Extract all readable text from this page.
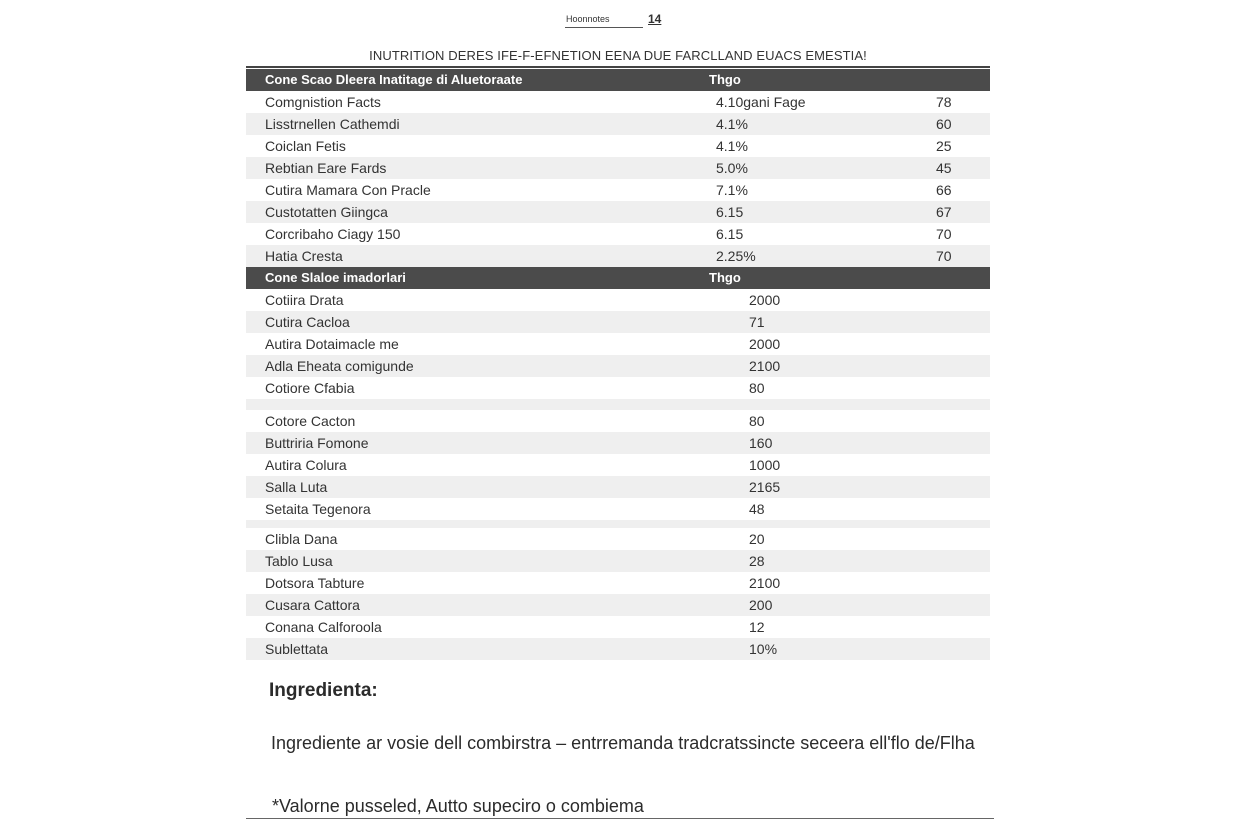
Hoonnotes	14
INUTRITION DERES IFE-F-EFNETION EENA DUE FARCLLAND EUACS EMESTIA!
Cone Scao Dleera Inatitage di Aluetoraate	Thgo
Comgnistion Facts	4.10gani Fage	78
Lisstrnellen Cathemdi	4.1%	60
Coiclan Fetis	4.1%	25
Rebtian Eare Fards	5.0%	45
Cutira Mamara Con Pracle	7.1%	66
Custotatten Giingca	6.15	67
Corcribaho Ciagy 150	6.15	70
Hatia Cresta	2.25%	70
Cone Slaloe imadorlari	Thgo
Cotiira Drata	2000
Cutira Cacloa	71
Autira Dotaimacle me	2000
Adla Eheata comigunde	2100
Cotiore Cfabia	80
Cotore Cacton	80
Buttriria Fomone	160
Autira Colura	1000
Salla Luta	2165
Setaita Tegenora	48
Clibla Dana	20
Tablo Lusa	28
Dotsora Tabture	2100
Cusara Cattora	200
Conana Calforoola	12
Sublettata	10%
Ingredienta:
Ingrediente ar vosie dell combirstra – entrremanda tradcratssincte seceera ell'flo de/Flha
*Valorne pusseled, Autto supeciro o combiema
